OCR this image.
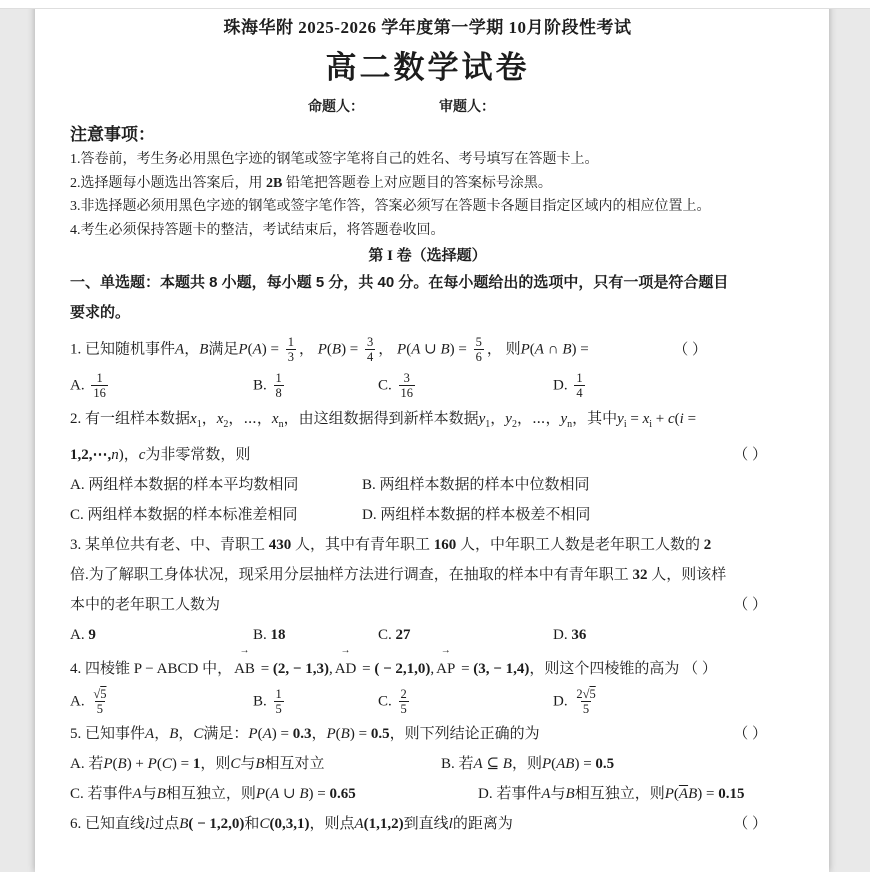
珠海华附 2025-2026 学年度第一学期 10月阶段性考试
高二数学试卷
命题人：	审题人：
注意事项：
1.答卷前，考生务必用黑色字迹的钢笔或签字笔将自己的姓名、考号填写在答题卡上。
2.选择题每小题选出答案后，用 2B 铅笔把答题卷上对应题目的答案标号涂黑。
3.非选择题必须用黑色字迹的钢笔或签字笔作答，答案必须写在答题卡各题目指定区域内的相应位置上。
4.考生必须保持答题卡的整洁，考试结束后，将答题卷收回。
第 I 卷（选择题）
一、单选题：本题共 8 小题，每小题 5 分，共 40 分。在每小题给出的选项中，只有一项是符合题目
要求的。
1. 已知随机事件A，B满足$P(A) = \frac{1}{3}$ ， $P(B) = \frac{3}{4}$ ， P(A ∪ $B) = \frac{5}{6}$ ， 则P(A ∩ B) =	（ ）
A. $\frac{1}{16}$	B. $\frac{1}{8}$	C. $\frac{3}{16}$	D. $\frac{1}{4}$
2. 有一组样本数据$x_1$，$x_2$，⋯，$x_n$，由这组数据得到新样本数据$y_1$，$y_2$，⋯，$y_n$，其中$y_i = x_i + c(i$ =
1,2,⋯,n)，c为非零常数，则	（ ）
A. 两组样本数据的样本平均数相同	B. 两组样本数据的样本中位数相同
C. 两组样本数据的样本标准差相同	D. 两组样本数据的样本极差不相同
3. 某单位共有老、中、青职工 430 人，其中有青年职工 160 人，中年职工人数是老年职工人数的 2
倍.为了解职工身体状况，现采用分层抽样方法进行调查，在抽取的样本中有青年职工 32 人，则该样
本中的老年职工人数为	（ ）
A. 9	B. 18	C. 27	D. 36
4. 四棱锥 P − ABCD 中，
→
AB = (2, − 1,3),
→
AD = ( − 2,1,0),
→
AP = (3, − 1,4)，则这个四棱锥的高为 （ ）
A. $\frac{√5}{5}$	B. $\frac{1}{5}$	C. $\frac{2}{5}$	D. $\frac{2√5}{5}$
5. 已知事件A，B，C满足：P(A) = 0.3，P(B) = 0.5，则下列结论正确的为	（ ）
A. 若P(B) + P(C) = 1，则C与B相互对立	B. 若A ⊆ B，则P(AB) = 0.5
C. 若事件A与B相互独立，则P(A ∪ B) = 0.65	D. 若事件A与B相互独立，则$P(\overline{A}B) = 0.15$
6. 已知直线l过点B( − 1,2,0)和C(0,3,1)，则点A(1,1,2)到直线l的距离为	（ ）
